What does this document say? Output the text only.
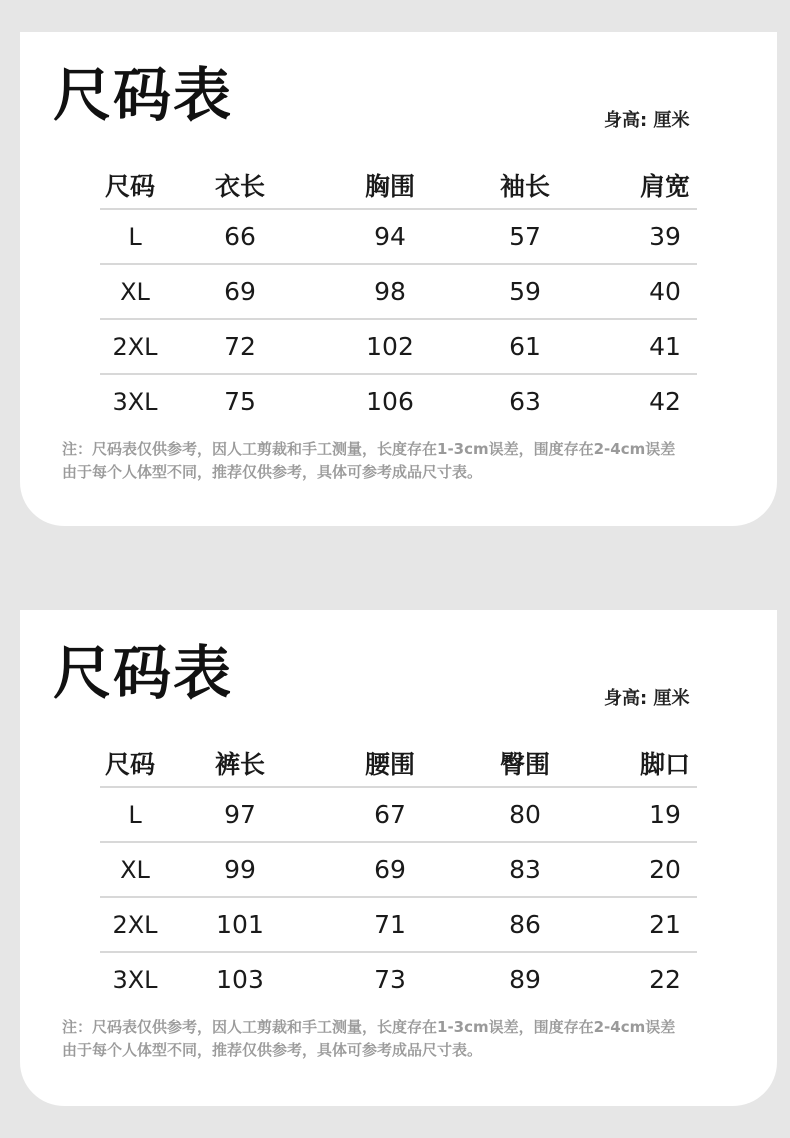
尺码表	身高: 厘米
尺码	衣长	胸围	袖长	肩宽
L	66	94	57	39
XL	69	98	59	40
2XL	72	102	61	41
3XL	75	106	63	42
注：尺码表仅供参考，因人工剪裁和手工测量，长度存在1-3cm误差，围度存在2-4cm误差
由于每个人体型不同，推荐仅供参考，具体可参考成品尺寸表。
尺码表	身高: 厘米
尺码	裤长	腰围	臀围	脚口
L	97	67	80	19
XL	99	69	83	20
2XL	101	71	86	21
3XL	103	73	89	22
注：尺码表仅供参考，因人工剪裁和手工测量，长度存在1-3cm误差，围度存在2-4cm误差
由于每个人体型不同，推荐仅供参考，具体可参考成品尺寸表。
